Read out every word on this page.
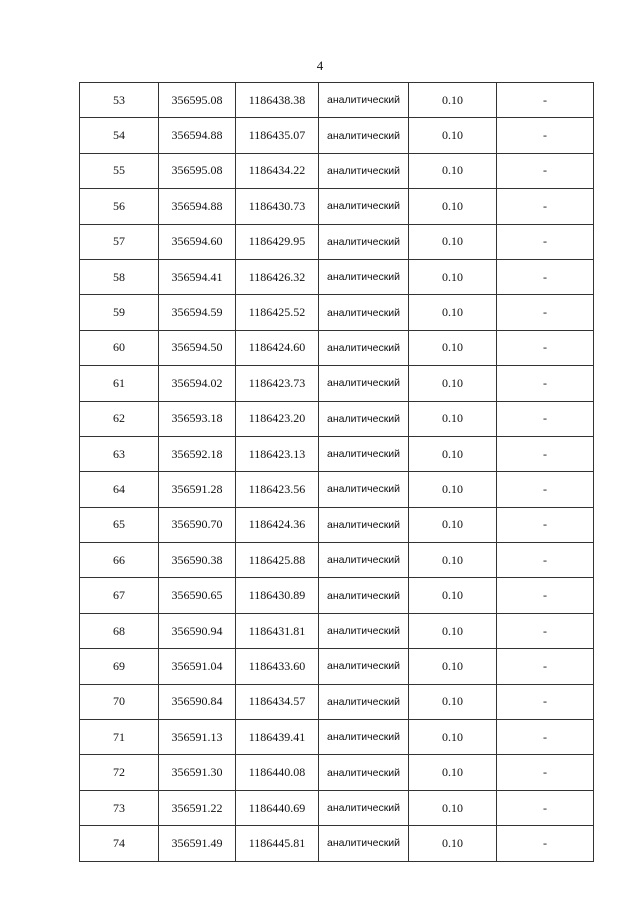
4
53	356595.08	1186438.38	аналитический	0.10	-
54	356594.88	1186435.07	аналитический	0.10	-
55	356595.08	1186434.22	аналитический	0.10	-
56	356594.88	1186430.73	аналитический	0.10	-
57	356594.60	1186429.95	аналитический	0.10	-
58	356594.41	1186426.32	аналитический	0.10	-
59	356594.59	1186425.52	аналитический	0.10	-
60	356594.50	1186424.60	аналитический	0.10	-
61	356594.02	1186423.73	аналитический	0.10	-
62	356593.18	1186423.20	аналитический	0.10	-
63	356592.18	1186423.13	аналитический	0.10	-
64	356591.28	1186423.56	аналитический	0.10	-
65	356590.70	1186424.36	аналитический	0.10	-
66	356590.38	1186425.88	аналитический	0.10	-
67	356590.65	1186430.89	аналитический	0.10	-
68	356590.94	1186431.81	аналитический	0.10	-
69	356591.04	1186433.60	аналитический	0.10	-
70	356590.84	1186434.57	аналитический	0.10	-
71	356591.13	1186439.41	аналитический	0.10	-
72	356591.30	1186440.08	аналитический	0.10	-
73	356591.22	1186440.69	аналитический	0.10	-
74	356591.49	1186445.81	аналитический	0.10	-
